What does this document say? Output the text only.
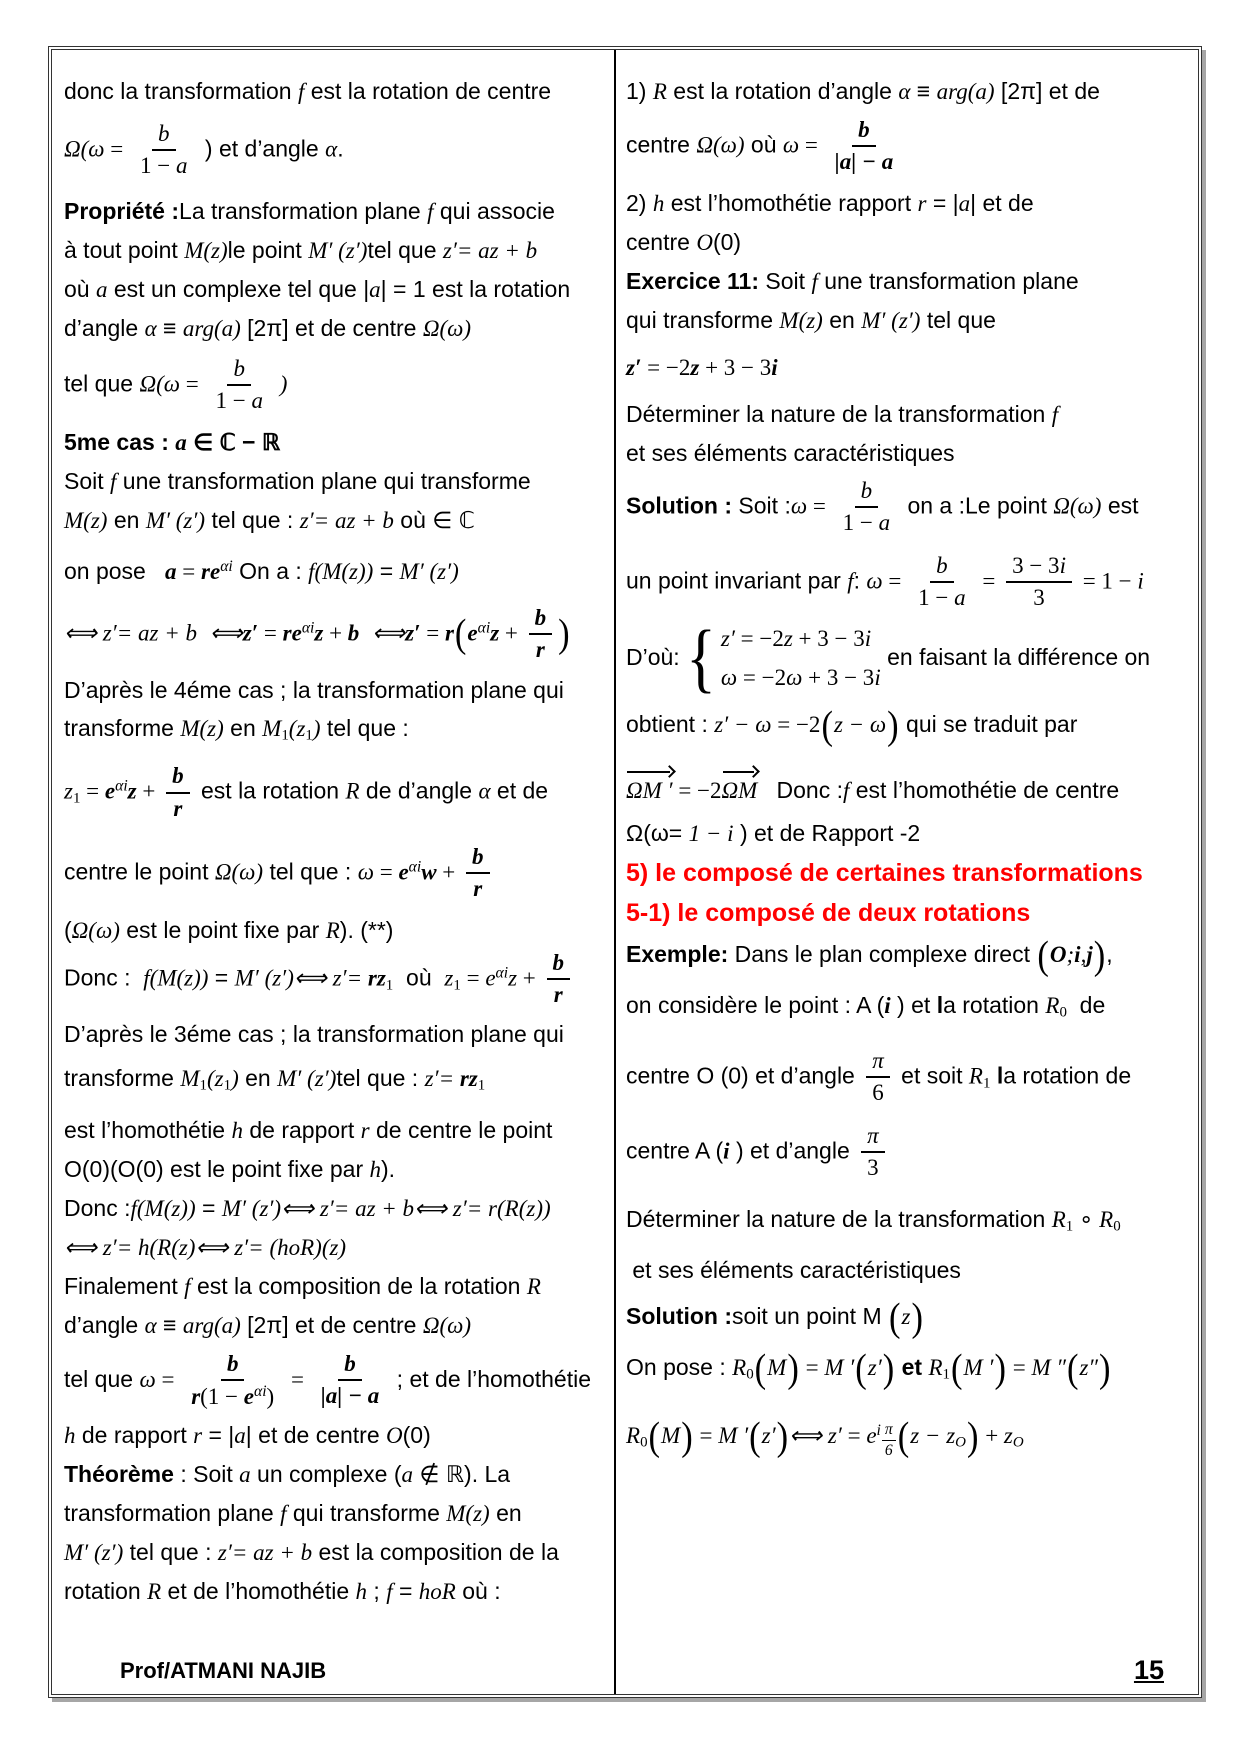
donc la transformation f est la rotation de centre
$\Omega(\omega = \frac{b}{1 - a}$ ) et d’angle α.
Propriété :La transformation plane f qui associe
à tout point M(z)le point M′ (z′)tel que z′= az + b
où a est un complexe tel que |a| = 1 est la rotation
d’angle α ≡ arg(a) [2π] et de centre Ω(ω)
tel que $\Omega(\omega = \frac{b}{1 - a}$ )
5me cas : a ∈ ℂ − ℝ
Soit f une transformation plane qui transforme
M(z) en M′ (z′) tel que : z′= az + b où ∈ ℂ
on pose   $a = re^{\alpha i}$ On a : f(M(z)) = M′ (z′)
⟺ z′= az + b ⟺z′ = $re^{\alpha i}z + b$ ⟺z′ = $r(e^{\alpha i}z + \frac{b}{r}$ )
D’après le 4éme cas ; la transformation plane qui
transforme M(z) en $M_1(z_1)$ tel que :
$z_1 = e^{\alpha i}z + \frac{b}{r}$ est la rotation R de d’angle α et de
centre le point Ω(ω) tel que : $\omega = e^{\alpha i}w + \frac{b}{r}$
(Ω(ω) est le point fixe par R). (**)
Donc :  f(M(z)) = M′ (z′)⟺ $z'= rz_1$  où  $z_1 = e^{\alpha i}z + \frac{b}{r}$
D’après le 3éme cas ; la transformation plane qui
transforme $M_1(z_1)$ en M′ (z′)tel que : $z'= rz_1$
est l’homothétie h de rapport r de centre le point
O(0)(O(0) est le point fixe par h).
Donc :f(M(z)) = M′ (z′)⟺ z′= az + b⟺ z′= r(R(z))
⟺ z′= h(R(z)⟺ z′= (hoR)(z)
Finalement f est la composition de la rotation R
d’angle α ≡ arg(a) [2π] et de centre Ω(ω)
tel que $\omega = \frac{b}{r(1 - e^{\alpha i})} = \frac{b}{|a| - a}$ ; et de l’homothétie
h de rapport r = |a| et de centre O(0)
Théorème : Soit a un complexe (a ∉ ℝ). La
transformation plane f qui transforme M(z) en
M′ (z′) tel que : z′= az + b est la composition de la
rotation R et de l’homothétie h ; f = hoR où :
1) R est la rotation d’angle α ≡ arg(a) [2π] et de
centre Ω(ω) où $\omega = \frac{b}{|a| - a}$
2) h est l’homothétie rapport r = |a| et de
centre O(0)
Exercice 11: Soit f une transformation plane
qui transforme M(z) en M′ (z′) tel que
z′ = −2z + 3 − 3i
Déterminer la nature de la transformation f
et ses éléments caractéristiques
Solution : Soit :ω = $\frac{b}{1 - a}$ on a :Le point Ω(ω) est
un point invariant par f: $\omega = \frac{b}{1 - a} = \frac{3 - 3i}{3} = 1 - i$
D’où: { z′ = −2z + 3 − 3i
ω = −2ω + 3 − 3i
en faisant la différence on
obtient : z′ − ω = −2(z − ω) qui se traduit par
ΩM ′ = −2ΩM   Donc :f est l’homothétie de centre
Ω(ω= 1 − i ) et de Rapport -2
5) le composé de certaines transformations
5-1) le composé de deux rotations
Exemple: Dans le plan complexe direct (O;i,j),
on considère le point : A (i ) et la rotation $R_0$  de
centre O (0) et d’angle $\frac{\pi}{6}$ et soit $R_1$ la rotation de
centre A (i ) et d’angle $\frac{\pi}{3}$
Déterminer la nature de la transformation $R_1$ ∘ $R_0$
et ses éléments caractéristiques
Solution :soit un point M (z)
On pose : $R_0(M) = M$ ′(z′) et $R_1(M$ ′) = M ″(z″)
$R_0(M) = M$ ′(z′)⟺ $z' = e^{i \frac{\pi}{6}}$ $(z - z_O) + z_O$
Prof/ATMANI NAJIB	15
